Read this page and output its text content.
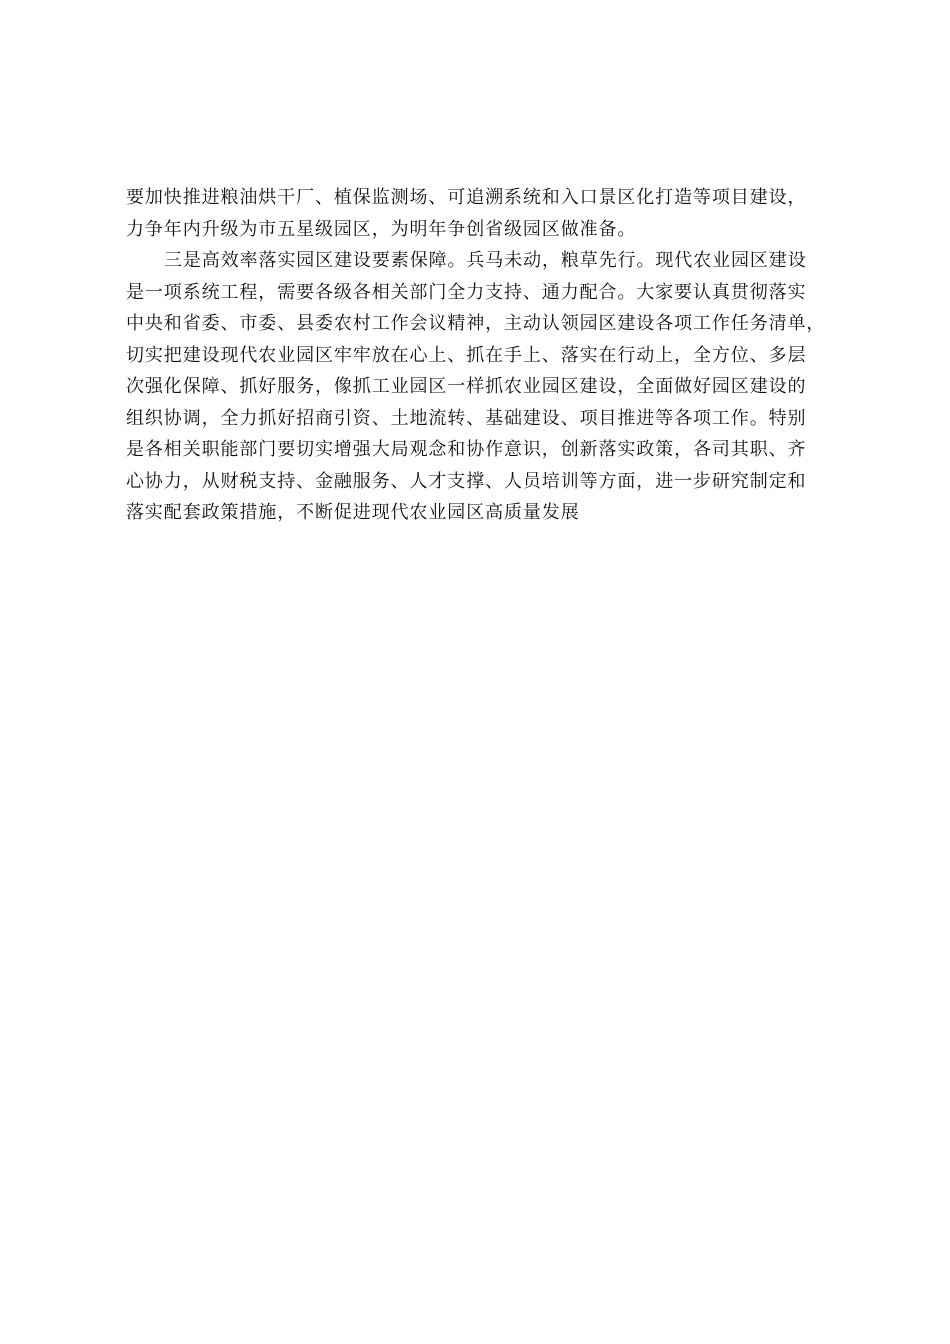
要加快推进粮油烘干厂、植保监测场、可追溯系统和入口景区化打造等项目建设，
力争年内升级为市五星级园区，为明年争创省级园区做准备。
三是高效率落实园区建设要素保障。兵马未动，粮草先行。现代农业园区建设
是一项系统工程，需要各级各相关部门全力支持、通力配合。大家要认真贯彻落实
中央和省委、市委、县委农村工作会议精神，主动认领园区建设各项工作任务清单，
切实把建设现代农业园区牢牢放在心上、抓在手上、落实在行动上，全方位、多层
次强化保障、抓好服务，像抓工业园区一样抓农业园区建设，全面做好园区建设的
组织协调，全力抓好招商引资、土地流转、基础建设、项目推进等各项工作。特别
是各相关职能部门要切实增强大局观念和协作意识，创新落实政策，各司其职、齐
心协力，从财税支持、金融服务、人才支撑、人员培训等方面，进一步研究制定和
落实配套政策措施，不断促进现代农业园区高质量发展
